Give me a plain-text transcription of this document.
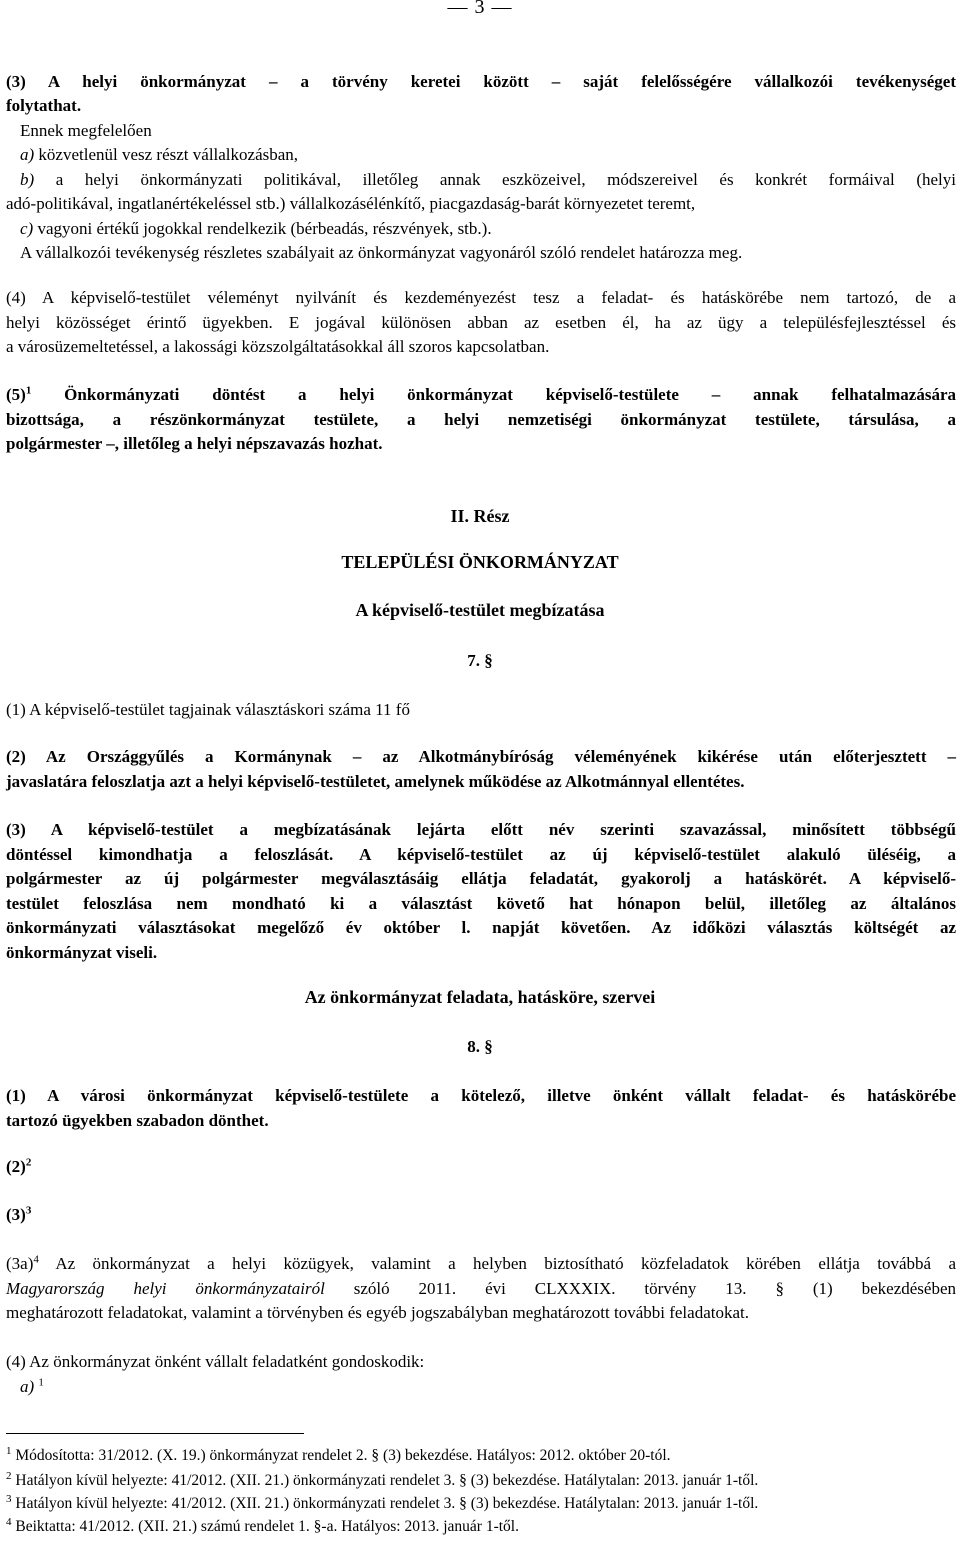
— 3 —
(3) A helyi önkormányzat – a törvény keretei között – saját felelősségére vállalkozói tevékenységet
folytathat.
Ennek megfelelően
a) közvetlenül vesz részt vállalkozásban,
b) a helyi önkormányzati politikával, illetőleg annak eszközeivel, módszereivel és konkrét formáival (helyi
adó-politikával, ingatlanértékeléssel stb.) vállalkozásélénkítő, piacgazdaság-barát környezetet teremt,
c) vagyoni értékű jogokkal rendelkezik (bérbeadás, részvények, stb.).
A vállalkozói tevékenység részletes szabályait az önkormányzat vagyonáról szóló rendelet határozza meg.
(4) A képviselő-testület véleményt nyilvánít és kezdeményezést tesz a feladat- és hatáskörébe nem tartozó, de a
helyi közösséget érintő ügyekben. E jogával különösen abban az esetben él, ha az ügy a településfejlesztéssel és
a városüzemeltetéssel, a lakossági közszolgáltatásokkal áll szoros kapcsolatban.
$(5)^1$ Önkormányzati döntést a helyi önkormányzat képviselő-testülete – annak felhatalmazására
bizottsága, a részönkormányzat testülete, a helyi nemzetiségi önkormányzat testülete, társulása, a
polgármester –, illetőleg a helyi népszavazás hozhat.
II. Rész
TELEPÜLÉSI ÖNKORMÁNYZAT
A képviselő-testület megbízatása
7. §
(1) A képviselő-testület tagjainak választáskori száma 11 fő
(2) Az Országgyűlés a Kormánynak – az Alkotmánybíróság véleményének kikérése után előterjesztett –
javaslatára feloszlatja azt a helyi képviselő-testületet, amelynek működése az Alkotmánnyal ellentétes.
(3) A képviselő-testület a megbízatásának lejárta előtt név szerinti szavazással, minősített többségű
döntéssel kimondhatja a feloszlását. A képviselő-testület az új képviselő-testület alakuló üléséig, a
polgármester az új polgármester megválasztásáig ellátja feladatát, gyakorolj a hatáskörét. A képviselő-
testület feloszlása nem mondható ki a választást követő hat hónapon belül, illetőleg az általános
önkormányzati választásokat megelőző év október l. napját követően. Az időközi választás költségét az
önkormányzat viseli.
Az önkormányzat feladata, hatásköre, szervei
8. §
(1) A városi önkormányzat képviselő-testülete a kötelező, illetve önként vállalt feladat- és hatáskörébe
tartozó ügyekben szabadon dönthet.
$(2)^2$
$(3)^3$
$(3a)^4$ Az önkormányzat a helyi közügyek, valamint a helyben biztosítható közfeladatok körében ellátja továbbá a
Magyarország helyi önkormányzatairól szóló 2011. évi CLXXXIX. törvény 13. § (1) bekezdésében
meghatározott feladatokat, valamint a törvényben és egyéb jogszabályban meghatározott további feladatokat.
(4) Az önkormányzat önként vállalt feladatként gondoskodik:
a) $^1$
$^1$ Módosította: 31/2012. (X. 19.) önkormányzat rendelet 2. § (3) bekezdése. Hatályos: 2012. október 20-tól.
$^2$ Hatályon kívül helyezte: 41/2012. (XII. 21.) önkormányzati rendelet 3. § (3) bekezdése. Hatálytalan: 2013. január 1-től.
$^3$ Hatályon kívül helyezte: 41/2012. (XII. 21.) önkormányzati rendelet 3. § (3) bekezdése. Hatálytalan: 2013. január 1-től.
$^4$ Beiktatta: 41/2012. (XII. 21.) számú rendelet 1. §-a. Hatályos: 2013. január 1-től.
